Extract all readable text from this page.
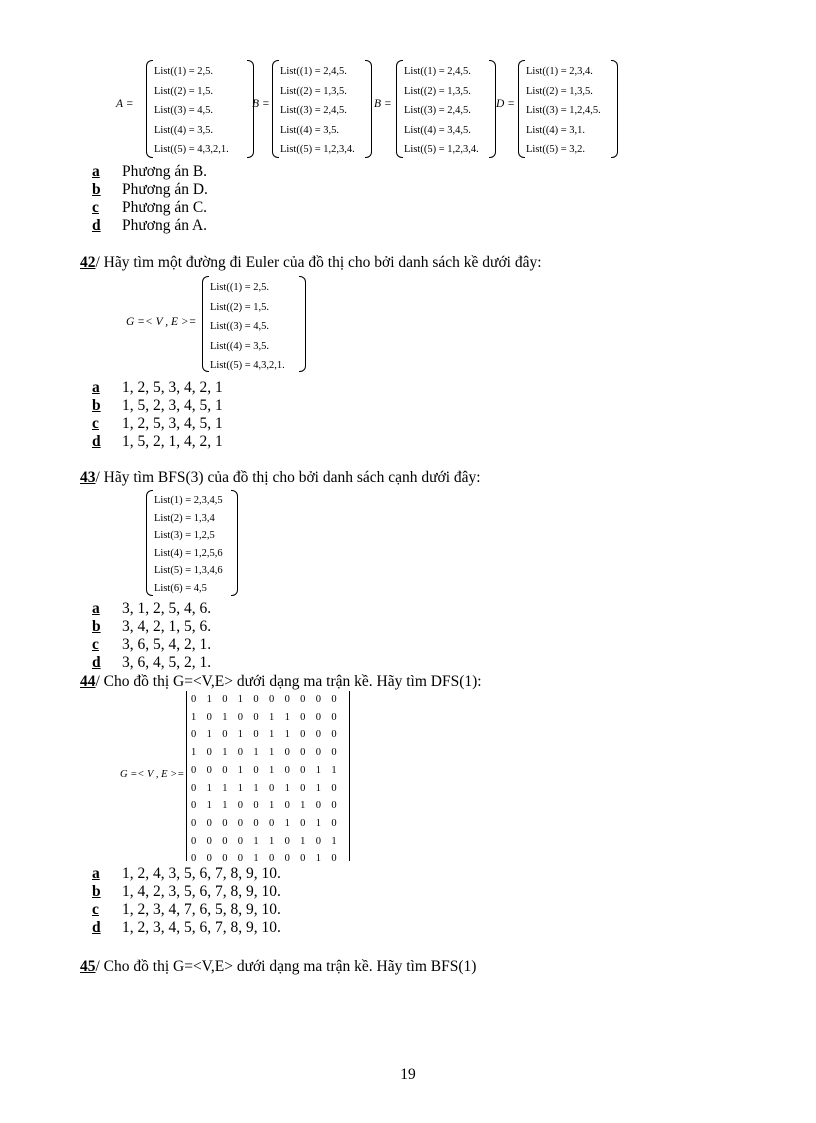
A =
List((1) = 2,5.
List((2) = 1,5.
List((3) = 4,5.
List((4) = 3,5.
List((5) = 4,3,2,1.
B =
List((1) = 2,4,5.
List((2) = 1,3,5.
List((3) = 2,4,5.
List((4) = 3,5.
List((5) = 1,2,3,4.
B =
List((1) = 2,4,5.
List((2) = 1,3,5.
List((3) = 2,4,5.
List((4) = 3,4,5.
List((5) = 1,2,3,4.
D =
List((1) = 2,3,4.
List((2) = 1,3,5.
List((3) = 1,2,4,5.
List((4) = 3,1.
List((5) = 3,2.
a Phương án B.
b Phương án D.
c Phương án C.
d Phương án A.
42/ Hãy tìm một đường đi Euler của đồ thị cho bởi danh sách kề dưới đây:
G =< V , E >=
List((1) = 2,5.
List((2) = 1,5.
List((3) = 4,5.
List((4) = 3,5.
List((5) = 4,3,2,1.
a 1, 2, 5, 3, 4, 2, 1
b 1, 5, 2, 3, 4, 5, 1
c 1, 2, 5, 3, 4, 5, 1
d 1, 5, 2, 1, 4, 2, 1
43/ Hãy tìm BFS(3) của đồ thị cho bởi danh sách cạnh dưới đây:
List(1) = 2,3,4,5
List(2) = 1,3,4
List(3) = 1,2,5
List(4) = 1,2,5,6
List(5) = 1,3,4,6
List(6) = 4,5
a 3, 1, 2, 5, 4, 6.
b 3, 4, 2, 1, 5, 6.
c 3, 6, 5, 4, 2, 1.
d 3, 6, 4, 5, 2, 1.
44/ Cho đồ thị G=<V,E> dưới dạng ma trận kề. Hãy tìm DFS(1):
G =< V , E >=
0 1 0 1 0 0 0 0 0 0
1 0 1 0 0 1 1 0 0 0
0 1 0 1 0 1 1 0 0 0
1 0 1 0 1 1 0 0 0 0
0 0 0 1 0 1 0 0 1 1
0 1 1 1 1 0 1 0 1 0
0 1 1 0 0 1 0 1 0 0
0 0 0 0 0 0 1 0 1 0
0 0 0 0 1 1 0 1 0 1
0 0 0 0 1 0 0 0 1 0
a 1, 2, 4, 3, 5, 6, 7, 8, 9, 10.
b 1, 4, 2, 3, 5, 6, 7, 8, 9, 10.
c 1, 2, 3, 4, 7, 6, 5, 8, 9, 10.
d 1, 2, 3, 4, 5, 6, 7, 8, 9, 10.
45/ Cho đồ thị G=<V,E> dưới dạng ma trận kề. Hãy tìm BFS(1)
19
